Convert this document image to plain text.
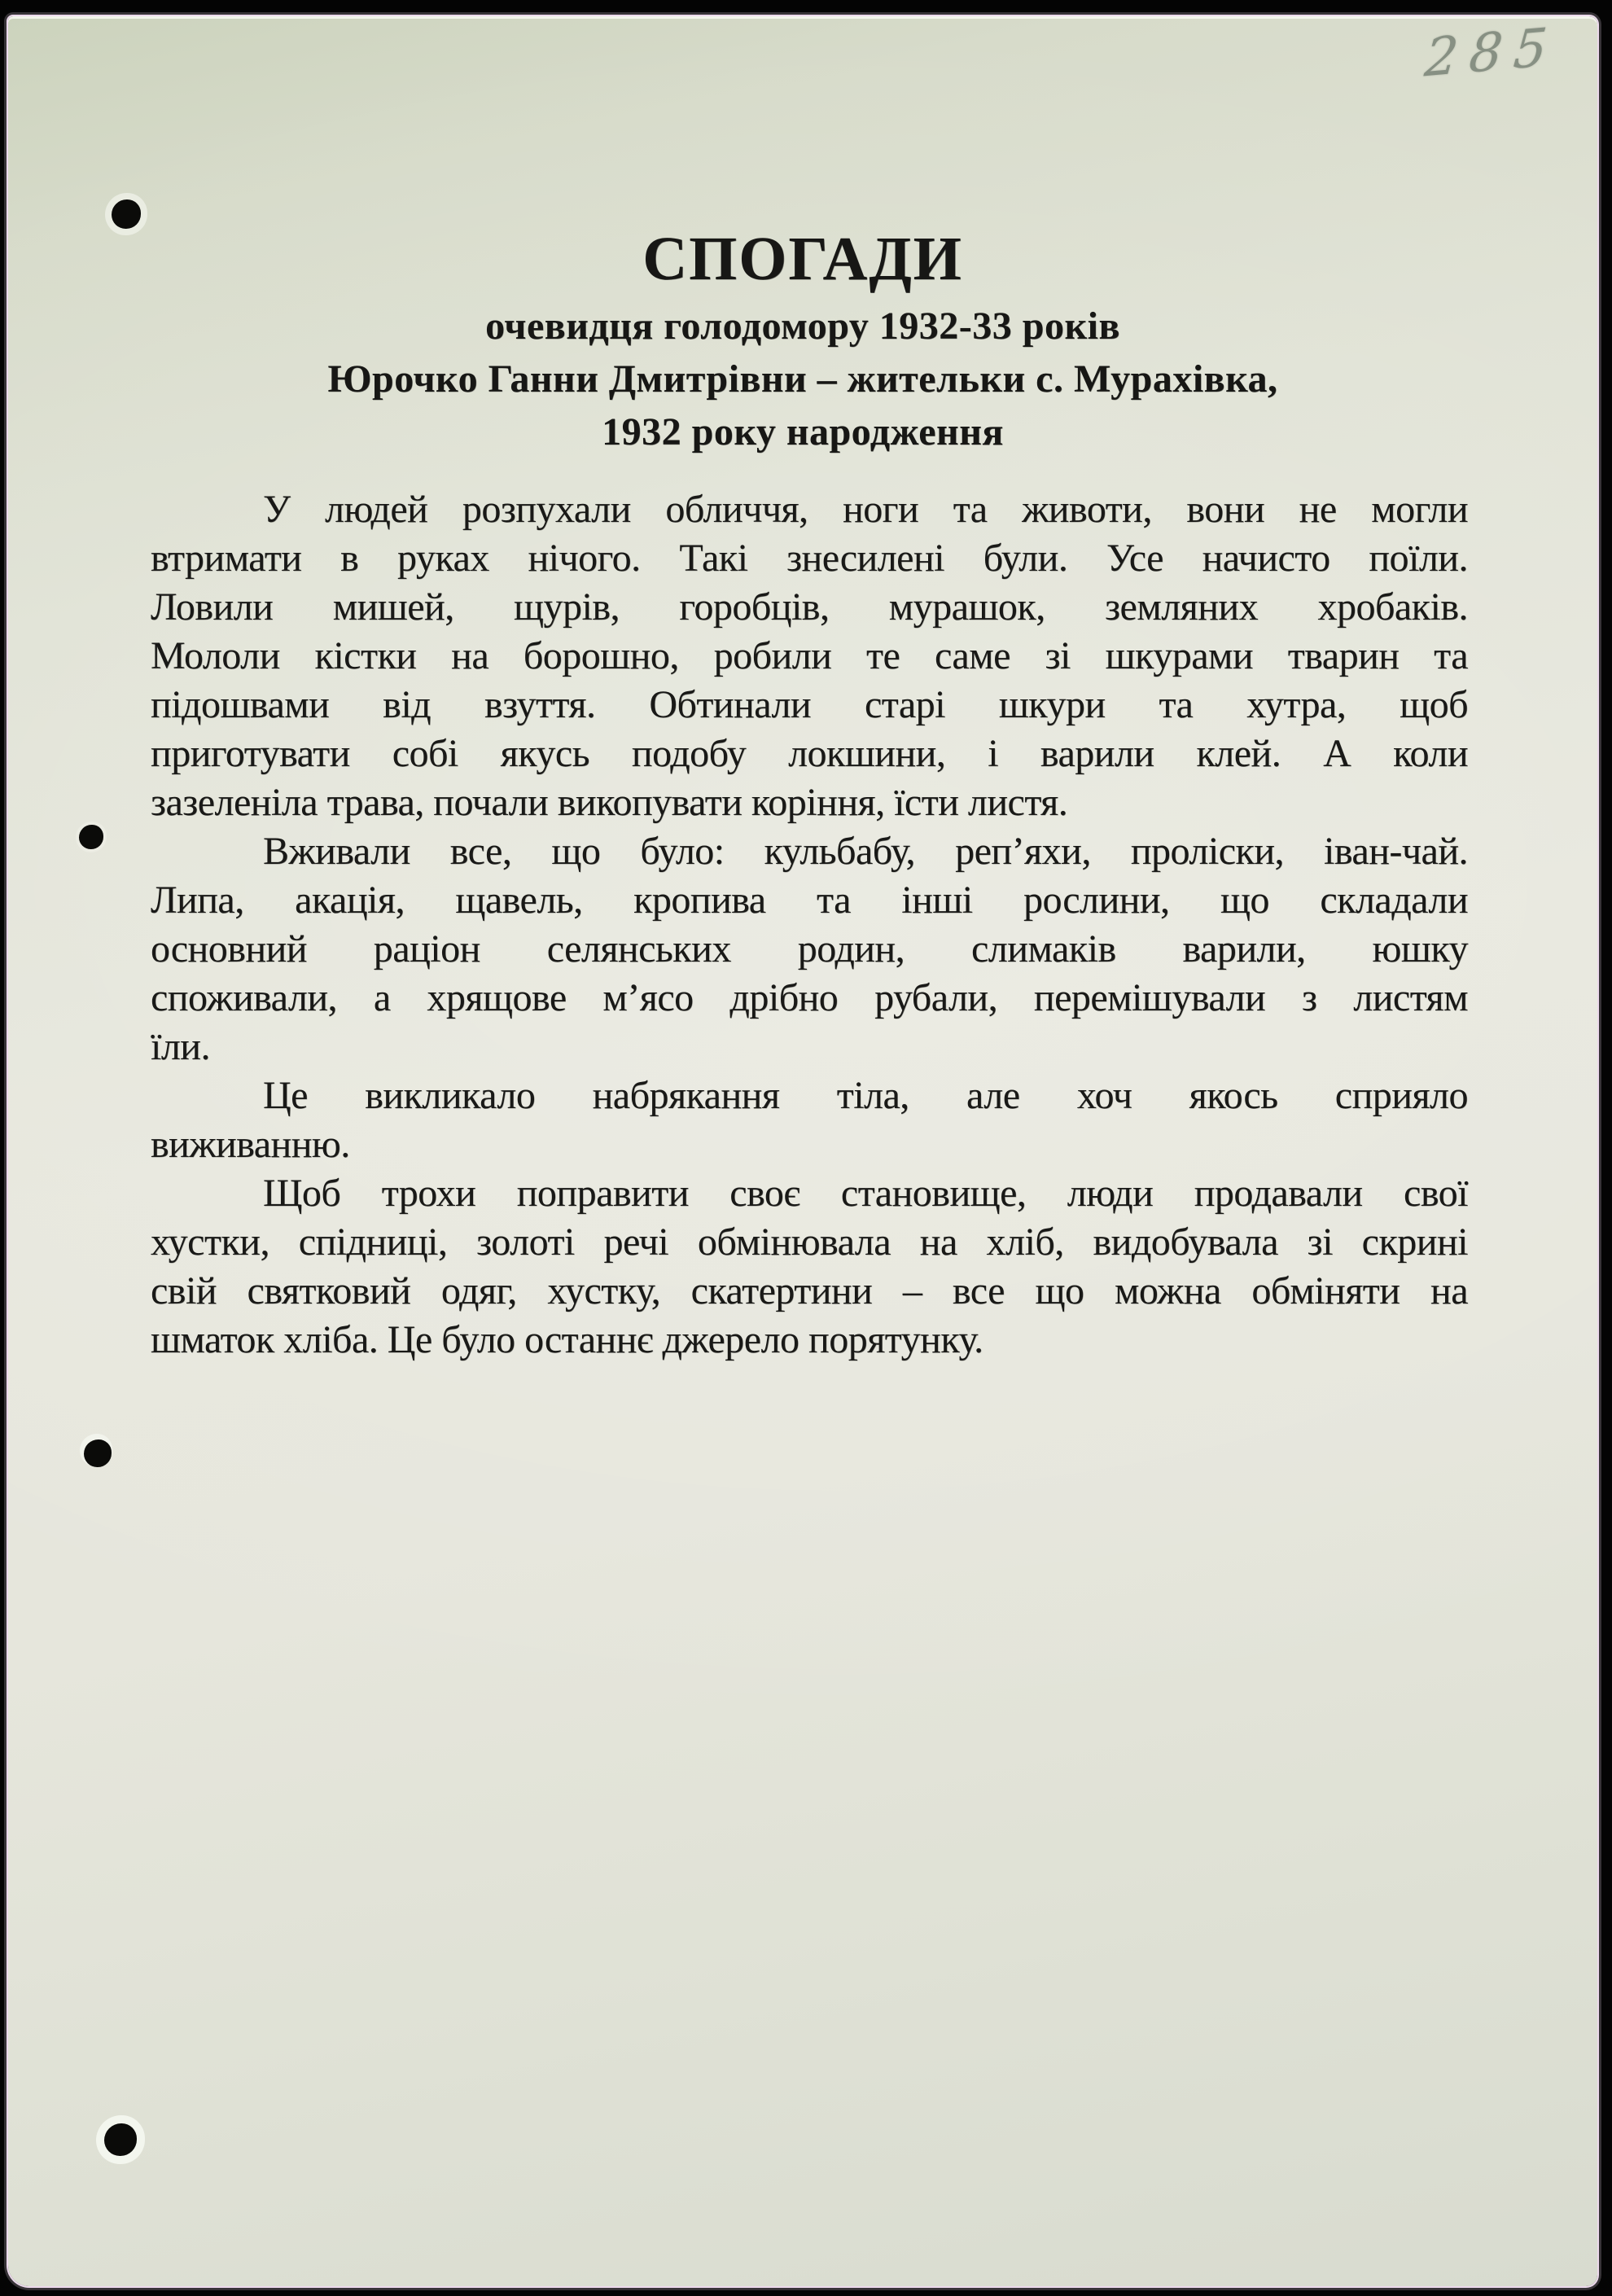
285
СПОГАДИ
очевидця голодомору 1932-33 років
Юрочко Ганни Дмитрівни – жительки с. Мурахівка,
1932 року народження
У людей розпухали обличчя, ноги та животи, вони не могли
втримати в руках нічого. Такі знесилені були. Усе начисто поїли.
Ловили мишей, щурів, горобців, мурашок, земляних хробаків.
Мололи кістки на борошно, робили те саме зі шкурами тварин та
підошвами від взуття. Обтинали старі шкури та хутра, щоб
приготувати собі якусь подобу локшини, і варили клей. А коли
зазеленіла трава, почали викопувати коріння, їсти листя.
Вживали все, що було: кульбабу, реп’яхи, проліски, іван-чай.
Липа, акація, щавель, кропива та інші рослини, що складали
основний раціон селянських родин, слимаків варили, юшку
споживали, а хрящове м’ясо дрібно рубали, перемішували з листям
їли.
Це викликало набрякання тіла, але хоч якось сприяло
виживанню.
Щоб трохи поправити своє становище, люди продавали свої
хустки, спідниці, золоті речі обмінювала на хліб, видобувала зі скрині
свій святковий одяг, хустку, скатертини – все що можна обміняти на
шматок хліба. Це було останнє джерело порятунку.
